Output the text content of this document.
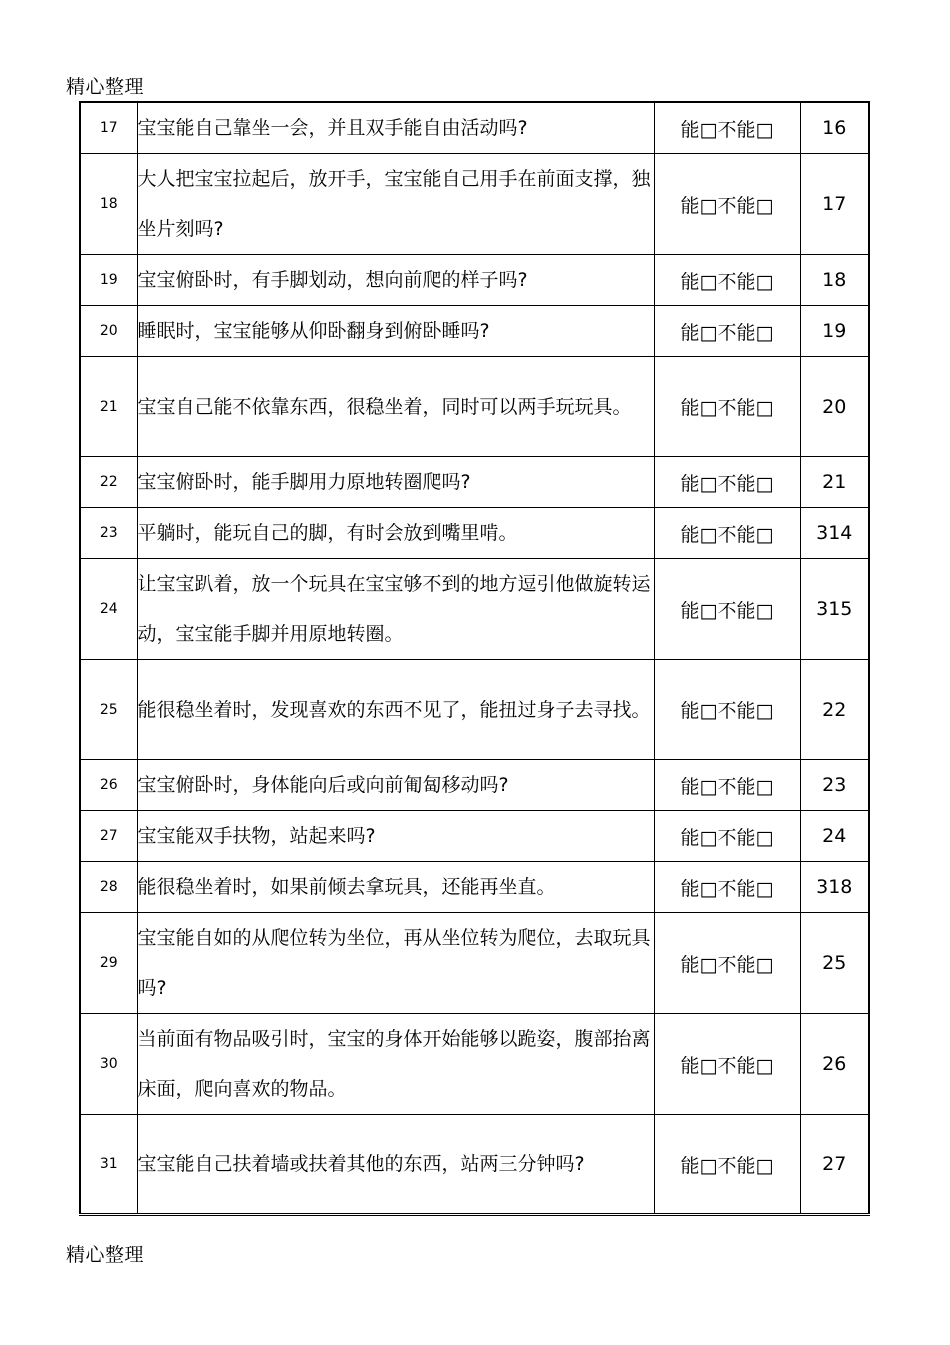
精心整理
17	宝宝能自己靠坐一会，并且双手能自由活动吗?	能□不能□	16
18	大人把宝宝拉起后，放开手，宝宝能自己用手在前面支撑，独坐片刻吗?	能□不能□	17
19	宝宝俯卧时，有手脚划动，想向前爬的样子吗?	能□不能□	18
20	睡眠时，宝宝能够从仰卧翻身到俯卧睡吗?	能□不能□	19
21	宝宝自己能不依靠东西，很稳坐着，同时可以两手玩玩具。	能□不能□	20
22	宝宝俯卧时，能手脚用力原地转圈爬吗?	能□不能□	21
23	平躺时，能玩自己的脚，有时会放到嘴里啃。	能□不能□	314
24	让宝宝趴着，放一个玩具在宝宝够不到的地方逗引他做旋转运动，宝宝能手脚并用原地转圈。	能□不能□	315
25	能很稳坐着时，发现喜欢的东西不见了，能扭过身子去寻找。	能□不能□	22
26	宝宝俯卧时，身体能向后或向前匍匐移动吗?	能□不能□	23
27	宝宝能双手扶物，站起来吗?	能□不能□	24
28	能很稳坐着时，如果前倾去拿玩具，还能再坐直。	能□不能□	318
29	宝宝能自如的从爬位转为坐位，再从坐位转为爬位，去取玩具吗?	能□不能□	25
30	当前面有物品吸引时，宝宝的身体开始能够以跪姿，腹部抬离床面，爬向喜欢的物品。	能□不能□	26
31	宝宝能自己扶着墙或扶着其他的东西，站两三分钟吗?	能□不能□	27
精心整理
